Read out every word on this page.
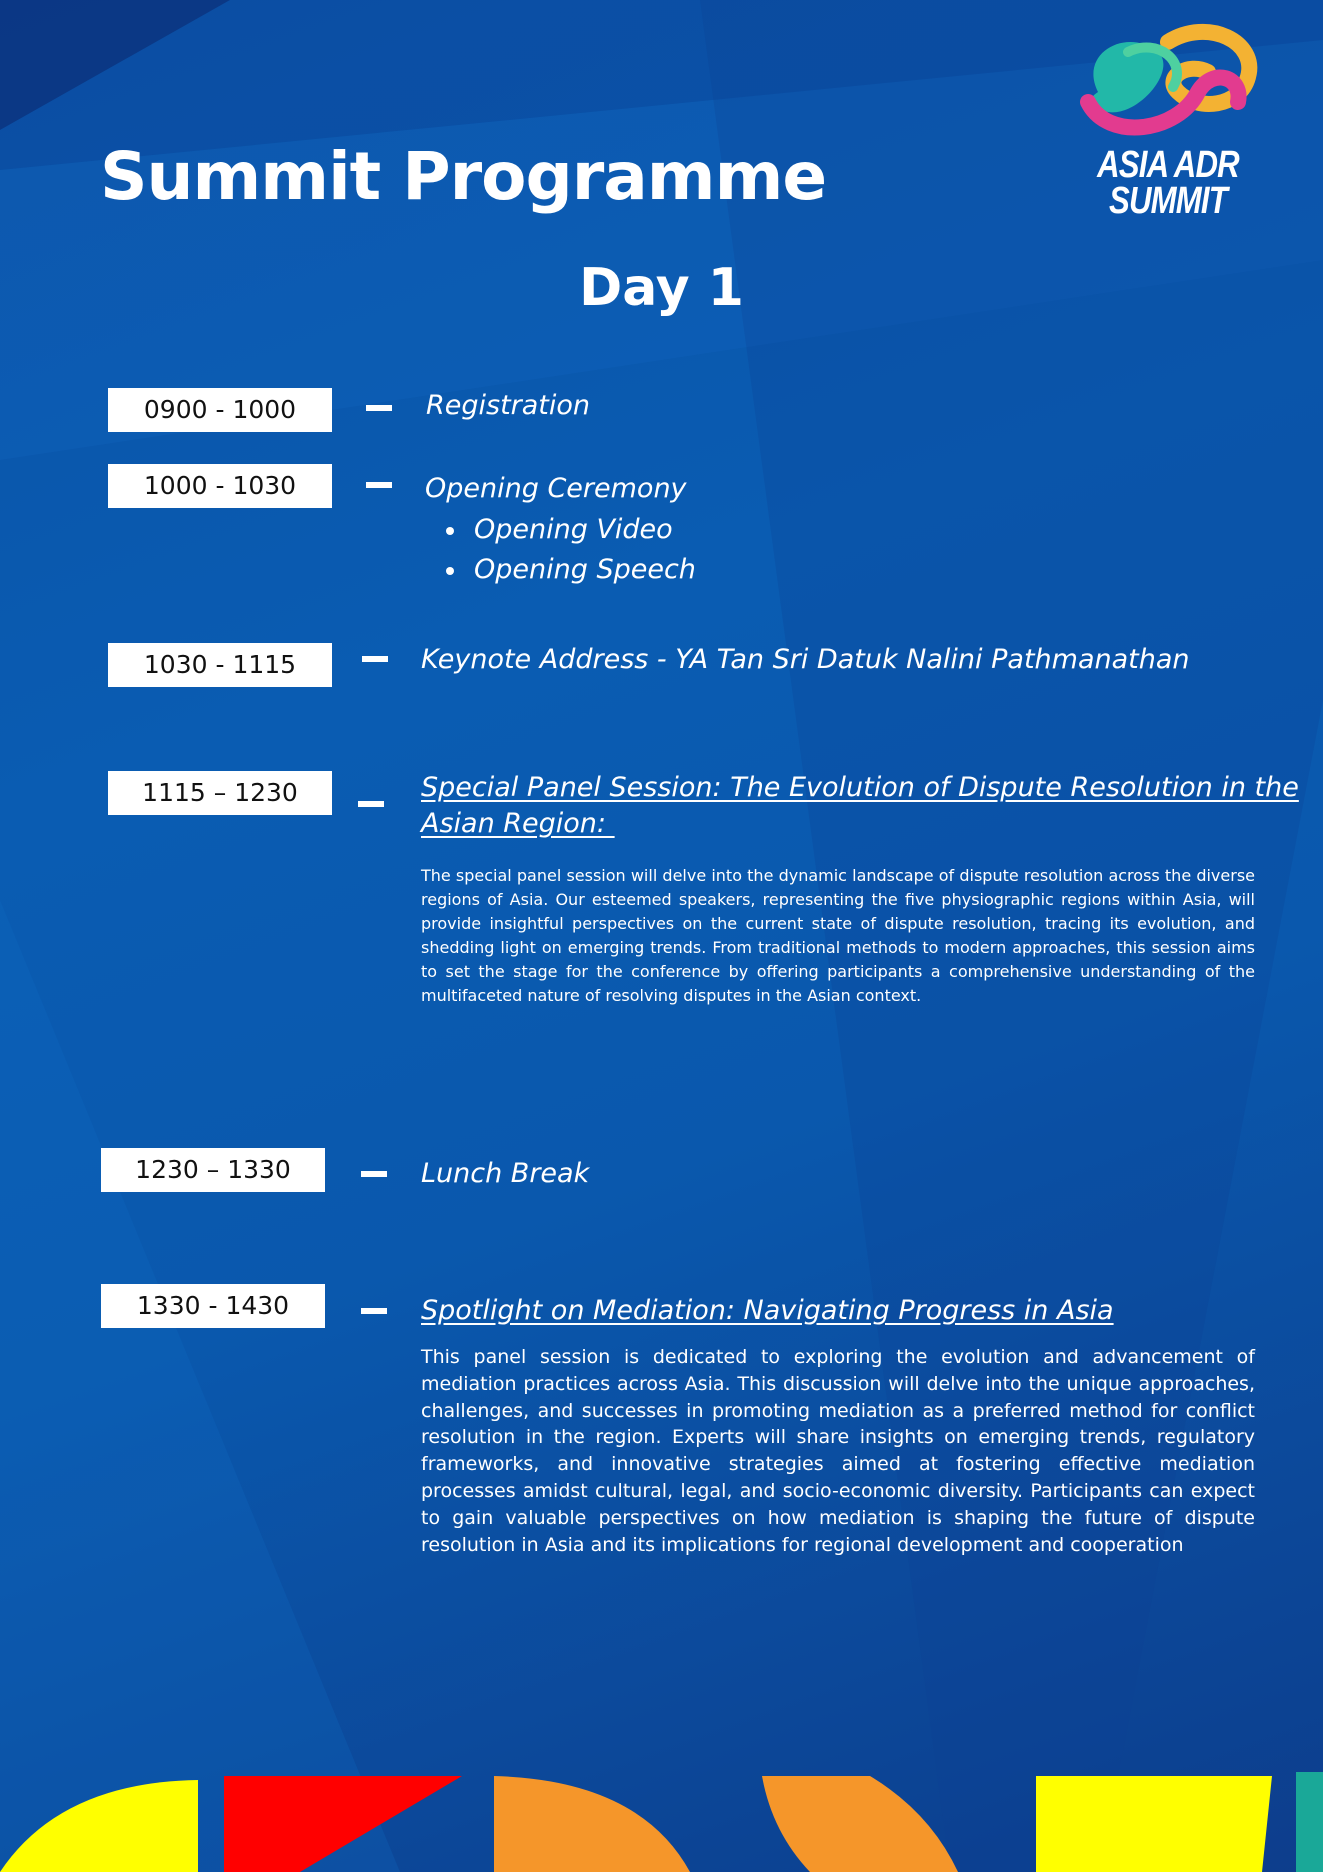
ASIA ADR
SUMMIT
Summit Programme
Day 1
0900 - 1000	Registration

1000 - 1030	Opening Ceremony

Opening Video
Opening Speech
1030 - 1115	Keynote Address - YA Tan Sri Datuk Nalini Pathmanathan

1115 – 1230	Special Panel Session: The Evolution of Dispute Resolution in the

Asian Region:

The special panel session will delve into the dynamic landscape of dispute resolution across the diverse regions of Asia. Our esteemed speakers, representing the five physiographic regions within Asia, will provide insightful perspectives on the current state of dispute resolution, tracing its evolution, and shedding light on emerging trends. From traditional methods to modern approaches, this session aims to set the stage for the conference by offering participants a comprehensive understanding of the multifaceted nature of resolving disputes in the Asian context.

1230 – 1330	Lunch Break

1330 - 1430	Spotlight on Mediation: Navigating Progress in Asia

This panel session is dedicated to exploring the evolution and advancement of mediation practices across Asia. This discussion will delve into the unique approaches, challenges, and successes in promoting mediation as a preferred method for conflict resolution in the region. Experts will share insights on emerging trends, regulatory frameworks, and innovative strategies aimed at fostering effective mediation processes amidst cultural, legal, and socio-economic diversity. Participants can expect to gain valuable perspectives on how mediation is shaping the future of dispute resolution in Asia and its implications for regional development and cooperation
